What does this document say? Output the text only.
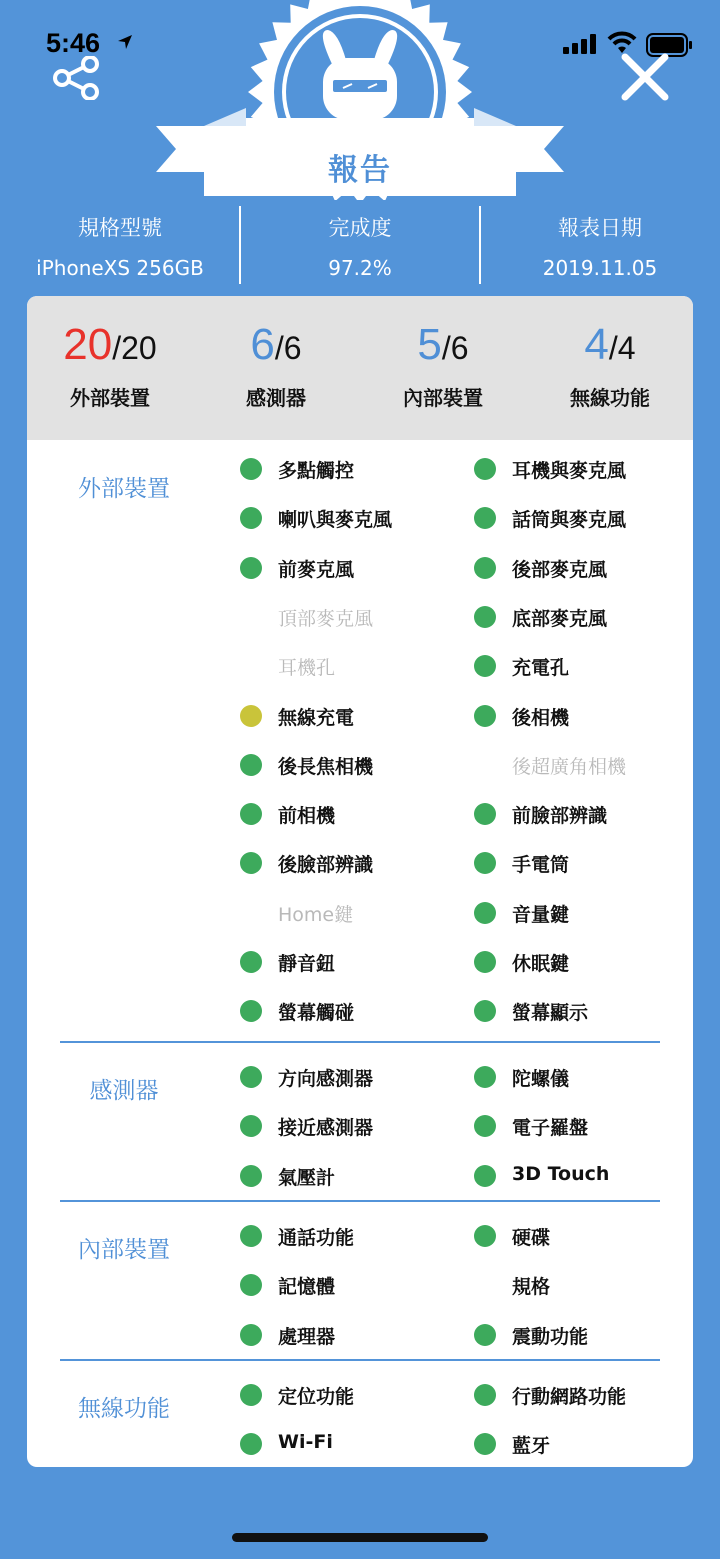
5:46
報告
規格型號
iPhoneXS 256GB
完成度
97.2%
報表日期
2019.11.05
20/20
外部裝置
6/6
感測器
5/6
內部裝置
4/4
無線功能
外部裝置
多點觸控	耳機與麥克風
喇叭與麥克風	話筒與麥克風
前麥克風	後部麥克風
頂部麥克風	底部麥克風
耳機孔	充電孔
無線充電	後相機
後長焦相機	後超廣角相機
前相機	前臉部辨識
後臉部辨識	手電筒
Home鍵	音量鍵
靜音鈕	休眠鍵
螢幕觸碰	螢幕顯示
感測器	方向感測器	陀螺儀
接近感測器	電子羅盤
氣壓計	3D Touch
內部裝置	通話功能	硬碟
記憶體	規格
處理器	震動功能
無線功能	定位功能	行動網路功能
Wi-Fi	藍牙
